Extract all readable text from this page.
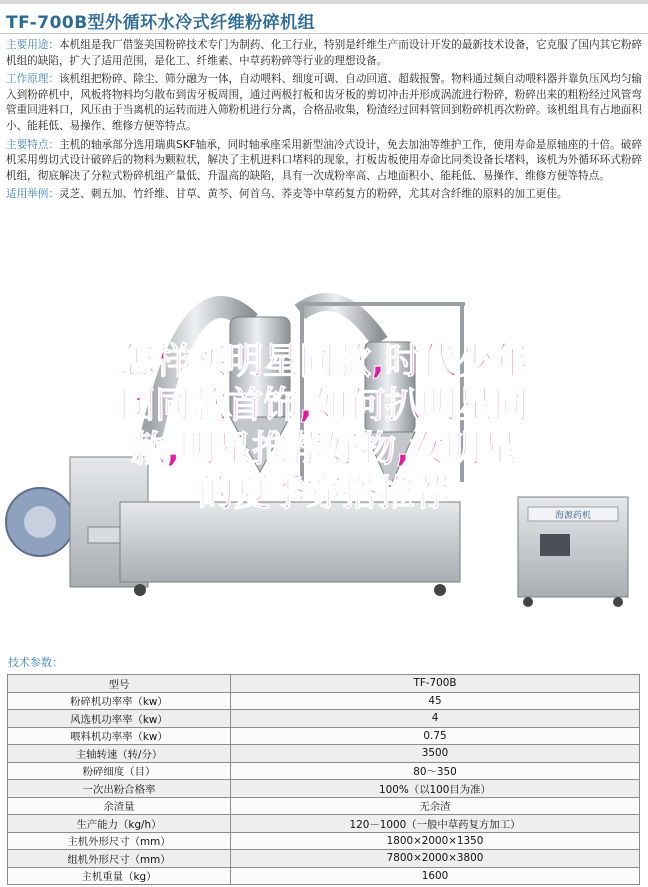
TF-700B型外循环水冷式纤维粉碎机组

主要用途：本机组是我厂借鉴美国粉碎技术专门为制药、化工行业，特别是纤维生产而设计开发的最新技术设备，它克服了国内其它粉碎机组的缺陷，扩大了适用范围，是化工、纤维素、中草药粉碎等行业的理想设备。

工作原理：该机组把粉碎、除尘、筛分融为一体，自动喂料、细度可调、自动回道、超载报警。物料通过频自动喂料器并靠负压风均匀输入到粉碎机中，风板将物料均匀散布到齿牙板周围，通过两极打板和齿牙板的剪切冲击并形成涡流进行粉碎，粉碎出来的粗粉经过风管弯管重回进料口，风压由于当离机的运转而进入筛粉机进行分离，合格品收集，粉渣经过回料管回到粉碎机再次粉碎。该机组具有占地面积小、能耗低、易操作、维修方便等特点。

主要特点：主机的轴承部分选用瑞典SKF轴承，同时轴承座采用新型油冷式设计，免去加油等维护工作，使用寿命是原轴座的十倍。破碎机采用剪切式设计破碎后的物料为颗粒状，解决了主机进料口堵料的现象，打板齿板使用寿命比同类设备长堵料，该机为外循环环式粉碎机组，彻底解决了分粒式粉碎机组产量低、升温高的缺陷，具有一次成粉率高、占地面积小、能耗低、易操作、维修方便等特点。

适用举例：灵芝、刺五加、竹纤维、甘草、黄芩、何首乌、荞麦等中草药复方的粉碎，尤其对含纤维的原料的加工更佳。

海源药机
怎样买明星同款,时代少年
团同款首饰,如何扒明星同
款,明星推荐好物,女明星
的夏季穿搭推荐
技术参数：
型号	TF-700B
粉碎机功率率（kw）	45
风选机功率率（kw）	4
喂料机功率率（kw）	0.75
主轴转速（转/分）	3500
粉碎细度（目）	80～350
一次出粉合格率	100%（以100目为准）
余渣量	无余渣
生产能力（kg/h）	120－1000（一般中草药复方加工）
主机外形尺寸（mm）	1800×2000×1350
组机外形尺寸（mm）	7800×2000×3800
主机重量（kg）	1600
